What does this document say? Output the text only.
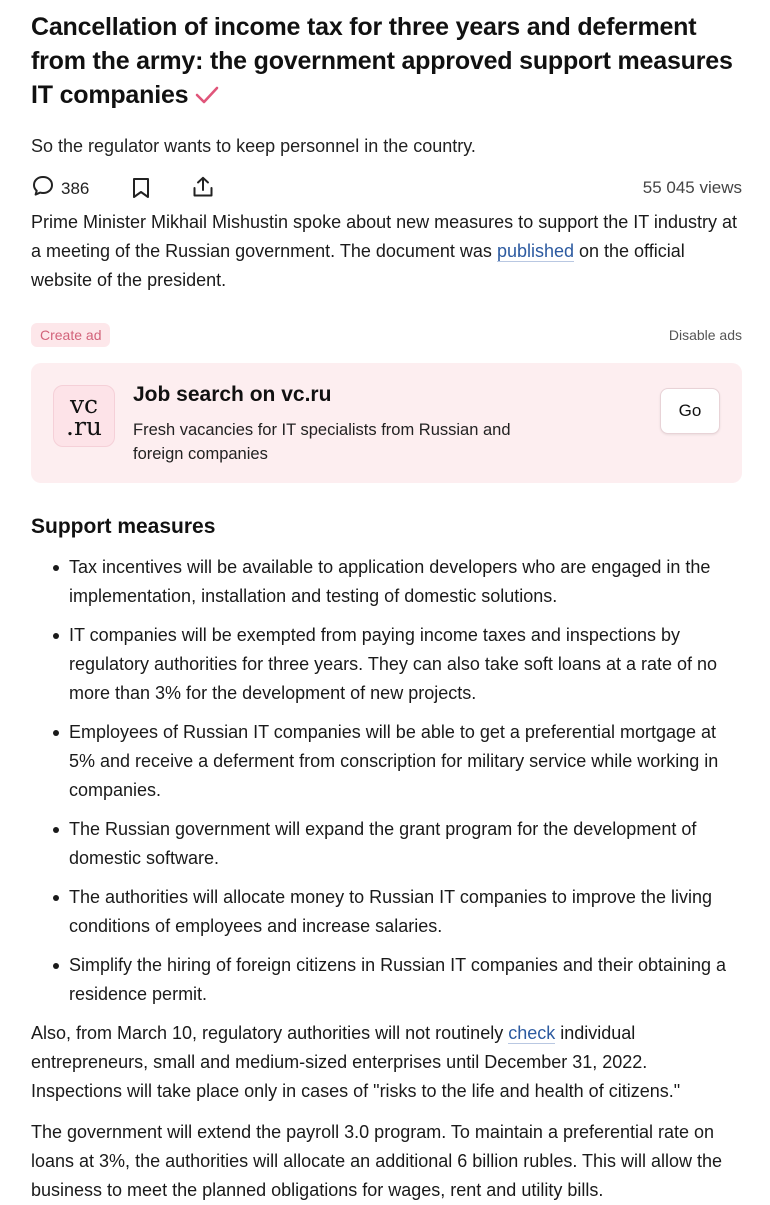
Cancellation of income tax for three years and deferment from the army: the government approved support measures IT companies

So the regulator wants to keep personnel in the country.

386	55 045 views

Prime Minister Mikhail Mishustin spoke about new measures to support the IT industry at a meeting of the Russian government. The document was published on the official website of the president.

Create ad	Disable ads
vc
.ru
Job search on vc.ru
Fresh vacancies for IT specialists from Russian and foreign companies
Go
Support measures
Tax incentives will be available to application developers who are engaged in the implementation, installation and testing of domestic solutions.
IT companies will be exempted from paying income taxes and inspections by regulatory authorities for three years. They can also take soft loans at a rate of no more than 3% for the development of new projects.
Employees of Russian IT companies will be able to get a preferential mortgage at 5% and receive a deferment from conscription for military service while working in companies.
The Russian government will expand the grant program for the development of domestic software.
The authorities will allocate money to Russian IT companies to improve the living conditions of employees and increase salaries.
Simplify the hiring of foreign citizens in Russian IT companies and their obtaining a residence permit.

Also, from March 10, regulatory authorities will not routinely check individual entrepreneurs, small and medium-sized enterprises until December 31, 2022. Inspections will take place only in cases of "risks to the life and health of citizens."

The government will extend the payroll 3.0 program. To maintain a preferential rate on loans at 3%, the authorities will allocate an additional 6 billion rubles. This will allow the business to meet the planned obligations for wages, rent and utility bills.
